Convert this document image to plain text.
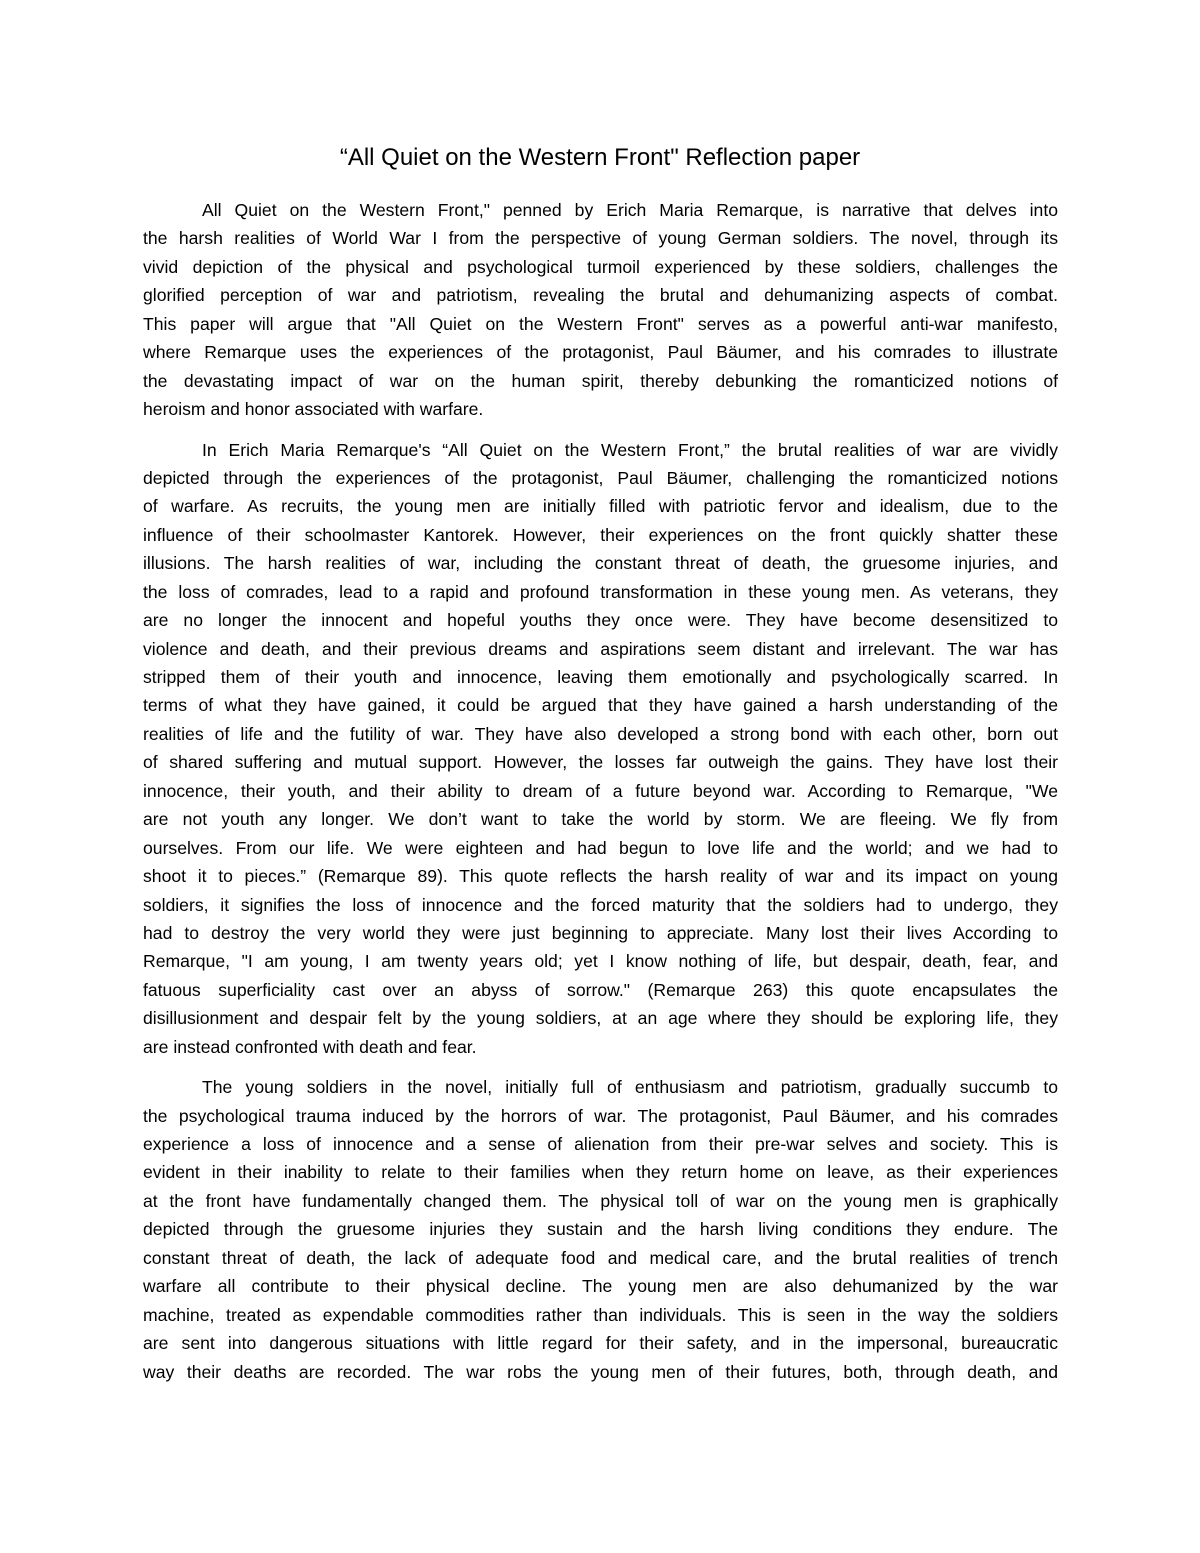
“All Quiet on the Western Front" Reflection paper
All Quiet on the Western Front," penned by Erich Maria Remarque, is narrative that delves into
the harsh realities of World War I from the perspective of young German soldiers. The novel, through its
vivid depiction of the physical and psychological turmoil experienced by these soldiers, challenges the
glorified perception of war and patriotism, revealing the brutal and dehumanizing aspects of combat.
This paper will argue that "All Quiet on the Western Front" serves as a powerful anti-war manifesto,
where Remarque uses the experiences of the protagonist, Paul Bäumer, and his comrades to illustrate
the devastating impact of war on the human spirit, thereby debunking the romanticized notions of
heroism and honor associated with warfare.
In Erich Maria Remarque's “All Quiet on the Western Front,” the brutal realities of war are vividly
depicted through the experiences of the protagonist, Paul Bäumer, challenging the romanticized notions
of warfare. As recruits, the young men are initially filled with patriotic fervor and idealism, due to the
influence of their schoolmaster Kantorek. However, their experiences on the front quickly shatter these
illusions. The harsh realities of war, including the constant threat of death, the gruesome injuries, and
the loss of comrades, lead to a rapid and profound transformation in these young men. As veterans, they
are no longer the innocent and hopeful youths they once were. They have become desensitized to
violence and death, and their previous dreams and aspirations seem distant and irrelevant. The war has
stripped them of their youth and innocence, leaving them emotionally and psychologically scarred. In
terms of what they have gained, it could be argued that they have gained a harsh understanding of the
realities of life and the futility of war. They have also developed a strong bond with each other, born out
of shared suffering and mutual support. However, the losses far outweigh the gains. They have lost their
innocence, their youth, and their ability to dream of a future beyond war. According to Remarque, "We
are not youth any longer. We don’t want to take the world by storm. We are fleeing. We fly from
ourselves. From our life. We were eighteen and had begun to love life and the world; and we had to
shoot it to pieces.” (Remarque 89). This quote reflects the harsh reality of war and its impact on young
soldiers, it signifies the loss of innocence and the forced maturity that the soldiers had to undergo, they
had to destroy the very world they were just beginning to appreciate. Many lost their lives According to
Remarque, "I am young, I am twenty years old; yet I know nothing of life, but despair, death, fear, and
fatuous superficiality cast over an abyss of sorrow." (Remarque 263) this quote encapsulates the
disillusionment and despair felt by the young soldiers, at an age where they should be exploring life, they
are instead confronted with death and fear.
The young soldiers in the novel, initially full of enthusiasm and patriotism, gradually succumb to
the psychological trauma induced by the horrors of war. The protagonist, Paul Bäumer, and his comrades
experience a loss of innocence and a sense of alienation from their pre-war selves and society. This is
evident in their inability to relate to their families when they return home on leave, as their experiences
at the front have fundamentally changed them. The physical toll of war on the young men is graphically
depicted through the gruesome injuries they sustain and the harsh living conditions they endure. The
constant threat of death, the lack of adequate food and medical care, and the brutal realities of trench
warfare all contribute to their physical decline. The young men are also dehumanized by the war
machine, treated as expendable commodities rather than individuals. This is seen in the way the soldiers
are sent into dangerous situations with little regard for their safety, and in the impersonal, bureaucratic
way their deaths are recorded. The war robs the young men of their futures, both, through death, and
